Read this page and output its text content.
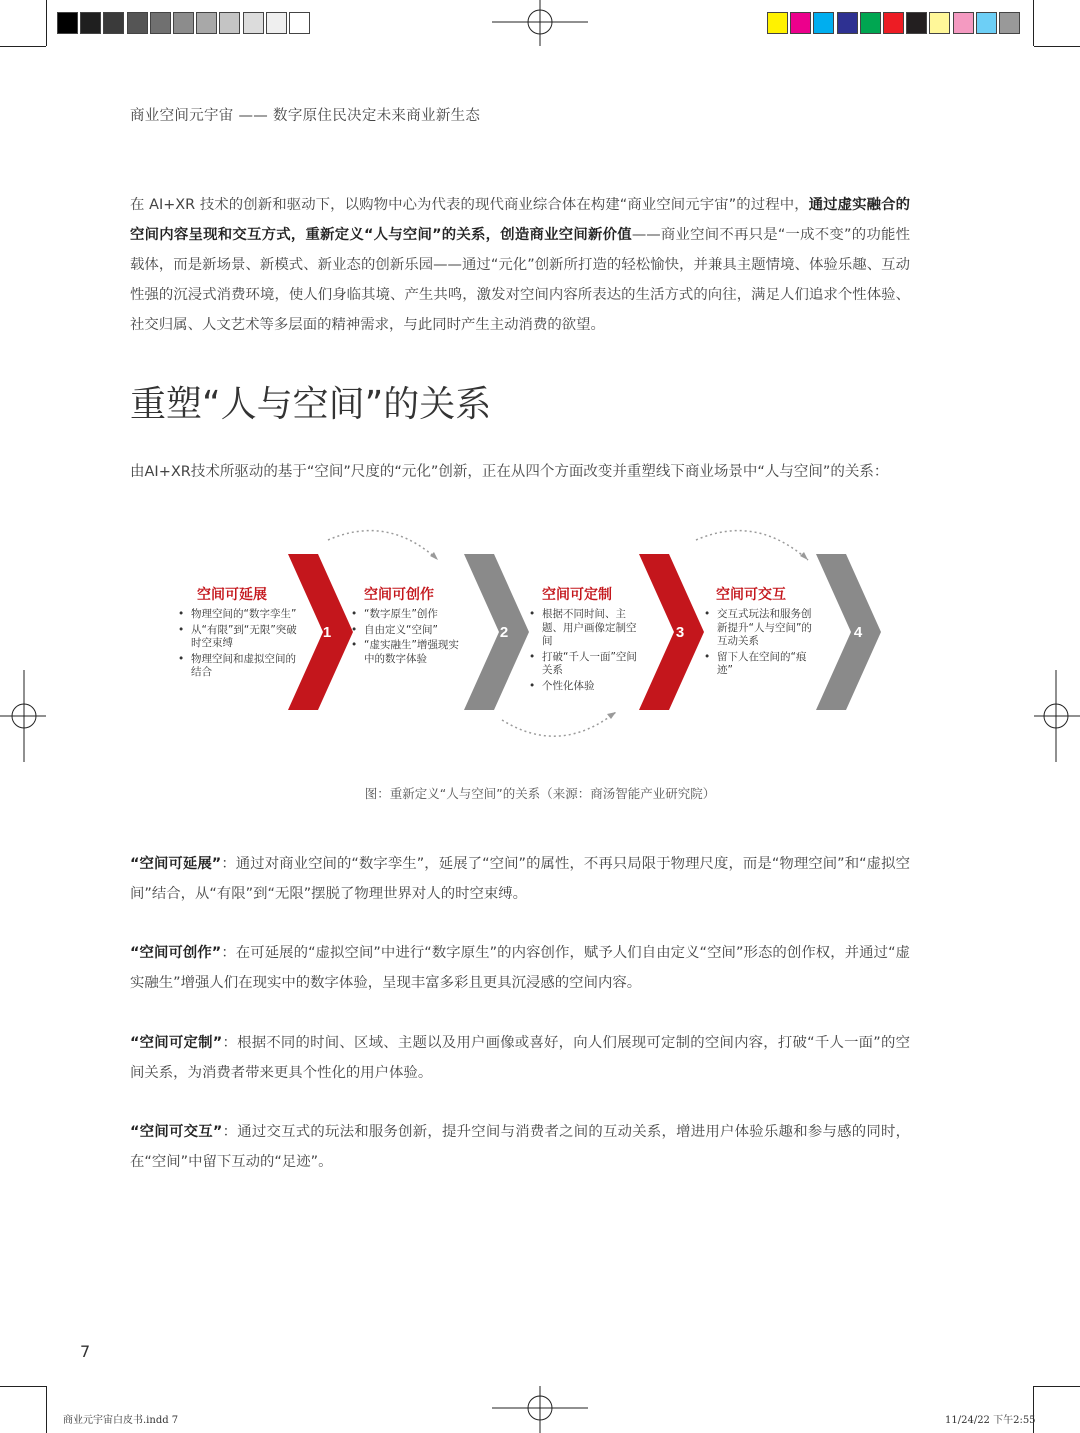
商业空间元宇宙 —— 数字原住民决定未来商业新生态
在 AI+XR 技术的创新和驱动下，以购物中心为代表的现代商业综合体在构建“商业空间元宇宙”的过程中，通过虚实融合的空间内容呈现和交互方式，重新定义“人与空间”的关系，创造商业空间新价值——商业空间不再只是“一成不变”的功能性载体，而是新场景、新模式、新业态的创新乐园——通过“元化”创新所打造的轻松愉快，并兼具主题情境、体验乐趣、互动性强的沉浸式消费环境，使人们身临其境、产生共鸣，激发对空间内容所表达的生活方式的向往，满足人们追求个性体验、社交归属、人文艺术等多层面的精神需求，与此同时产生主动消费的欲望。
重塑“人与空间”的关系
由AI+XR技术所驱动的基于“空间”尺度的“元化”创新，正在从四个方面改变并重塑线下商业场景中“人与空间”的关系：
1	2	3	4
空间可延展
• 物理空间的“数字孪生”
• 从“有限”到“无限”突破时空束缚
• 物理空间和虚拟空间的结合
空间可创作
• “数字原生”创作
• 自由定义“空间”
• “虚实融生”增强现实中的数字体验
空间可定制
• 根据不同时间、主题、用户画像定制空间
• 打破“千人一面”空间关系
• 个性化体验
空间可交互
• 交互式玩法和服务创新提升“人与空间”的互动关系
• 留下人在空间的“痕迹”
图：重新定义“人与空间”的关系（来源：商汤智能产业研究院）
“空间可延展”：通过对商业空间的“数字孪生”，延展了“空间”的属性，不再只局限于物理尺度，而是“物理空间”和“虚拟空间”结合，从“有限”到“无限”摆脱了物理世界对人的时空束缚。
“空间可创作”：在可延展的“虚拟空间”中进行“数字原生”的内容创作，赋予人们自由定义“空间”形态的创作权，并通过“虚实融生”增强人们在现实中的数字体验，呈现丰富多彩且更具沉浸感的空间内容。
“空间可定制”：根据不同的时间、区域、主题以及用户画像或喜好，向人们展现可定制的空间内容，打破“千人一面”的空间关系，为消费者带来更具个性化的用户体验。
“空间可交互”：通过交互式的玩法和服务创新，提升空间与消费者之间的互动关系，增进用户体验乐趣和参与感的同时，在“空间”中留下互动的“足迹”。
7
商业元宇宙白皮书.indd 7	11/24/22 下午2:55
